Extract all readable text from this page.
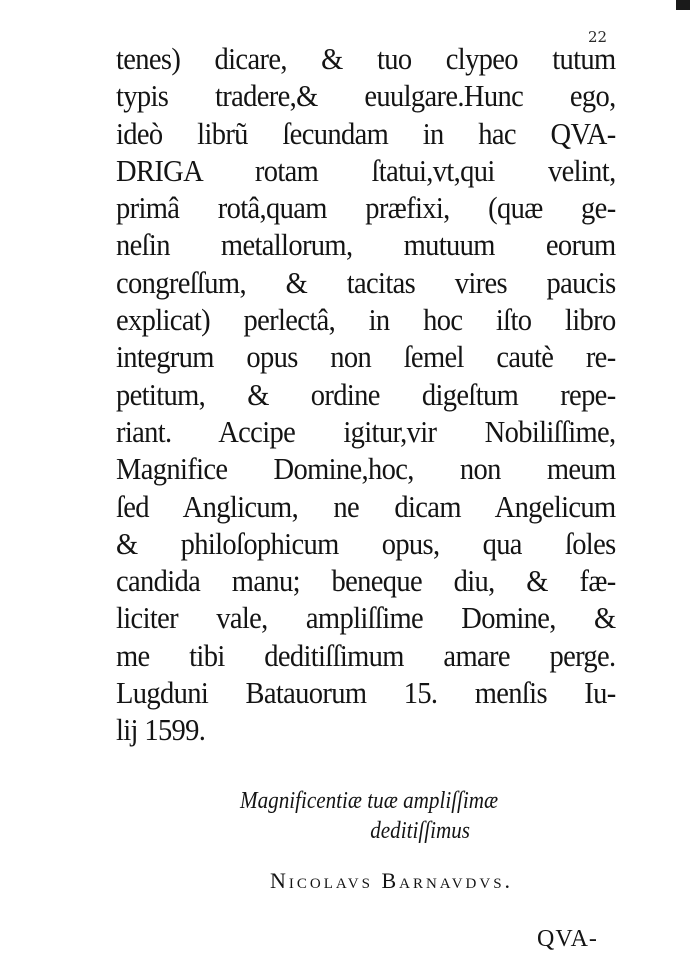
22
tenes) dicare, & tuo clypeo tutum
typis tradere,& euulgare.Hunc ego,
ideò librũ ſecundam in hac QVA-
DRIGA rotam ſtatui,vt,qui velint,
primâ rotâ,quam præfixi, (quæ ge-
neſin metallorum, mutuum eorum
congreſſum, & tacitas vires paucis
explicat) perlectâ, in hoc iſto libro
integrum opus non ſemel cautè re-
petitum, & ordine digeſtum repe-
riant. Accipe igitur,vir Nobiliſſime,
Magnifice Domine,hoc, non meum
ſed Anglicum, ne dicam Angelicum
& philoſophicum opus, qua ſoles
candida manu; beneque diu, & fæ-
liciter vale, ampliſſime Domine, &
me tibi deditiſſimum amare perge.
Lugduni Batauorum 15. menſis Iu-
lij 1599.
Magnificentiæ tuæ ampliſſimæ
deditiſſimus
Nicolavs Barnavdvs.
QVA-
